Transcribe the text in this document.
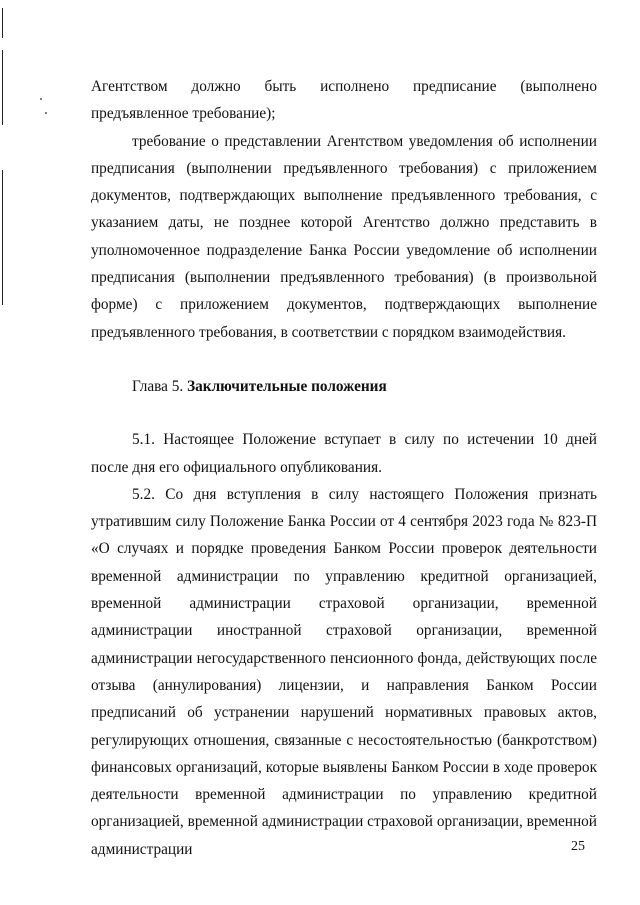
Агентством должно быть исполнено предписание (выполнено предъявленное требование);

требование о представлении Агентством уведомления об исполнении предписания (выполнении предъявленного требования) с приложением документов, подтверждающих выполнение предъявленного требования, с указанием даты, не позднее которой Агентство должно представить в уполномоченное подразделение Банка России уведомление об исполнении предписания (выполнении предъявленного требования) (в произвольной форме) с приложением документов, подтверждающих выполнение предъявленного требования, в соответствии с порядком взаимодействия.

Глава 5. Заключительные положения

5.1. Настоящее Положение вступает в силу по истечении 10 дней после дня его официального опубликования.

5.2. Со дня вступления в силу настоящего Положения признать утратившим силу Положение Банка России от 4 сентября 2023 года № 823-П «О случаях и порядке проведения Банком России проверок деятельности временной администрации по управлению кредитной организацией, временной администрации страховой организации, временной администрации иностранной страховой организации, временной администрации негосударственного пенсионного фонда, действующих после отзыва (аннулирования) лицензии, и направления Банком России предписаний об устранении нарушений нормативных правовых актов, регулирующих отношения, связанные с несостоятельностью (банкротством) финансовых организаций, которые выявлены Банком России в ходе проверок деятельности временной администрации по управлению кредитной организацией, временной администрации страховой организации, временной администрации	25
